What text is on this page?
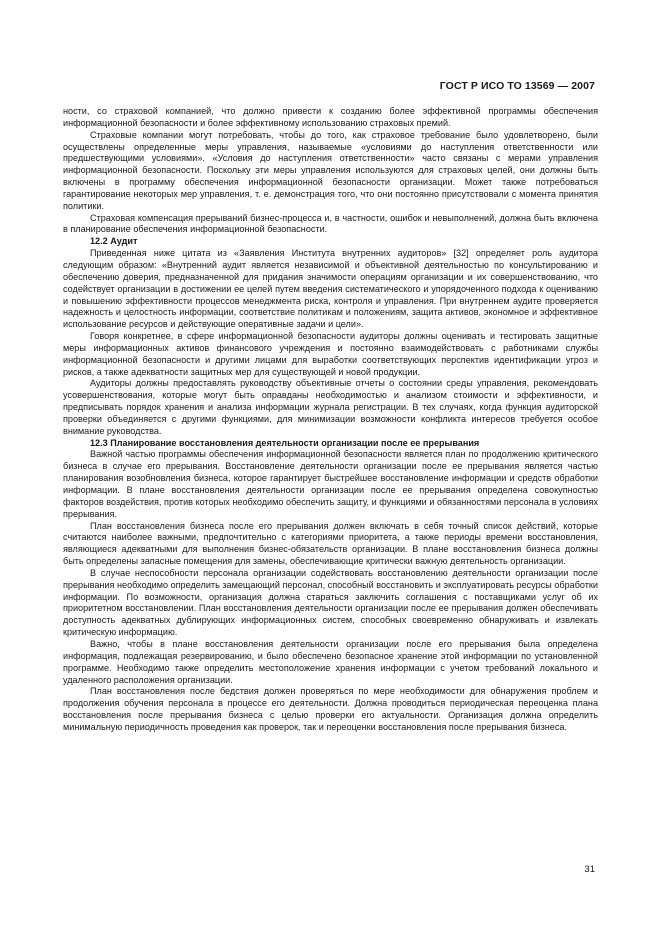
ГОСТ Р ИСО ТО 13569 — 2007

ности, со страховой компанией, что должно привести к созданию более эффективной программы обеспечения информационной безопасности и более эффективному использованию страховых премий.

Страховые компании могут потребовать, чтобы до того, как страховое требование было удовлетворено, были осуществлены определенные меры управления, называемые «условиями до наступления ответственности или предшествующими условиями». «Условия до наступления ответственности» часто связаны с мерами управления информационной безопасности. Поскольку эти меры управления используются для страховых целей, они должны быть включены в программу обеспечения информационной безопасности организации. Может также потребоваться гарантирование некоторых мер управления, т. е. демонстрация того, что они постоянно присутствовали с момента принятия политики.

Страховая компенсация прерываний бизнес-процесса и, в частности, ошибок и невыполнений, должна быть включена в планирование обеспечения информационной безопасности.

12.2 Аудит

Приведенная ниже цитата из «Заявления Института внутренних аудиторов» [32] определяет роль аудитора следующим образом: «Внутренний аудит является независимой и объективной деятельностью по консультированию и обеспечению доверия, предназначенной для придания значимости операциям организации и их совершенствованию, что содействует организации в достижении ее целей путем введения систематического и упорядоченного подхода к оцениванию и повышению эффективности процессов менеджмента риска, контроля и управления. При внутреннем аудите проверяется надежность и целостность информации, соответствие политикам и положениям, защита активов, экономное и эффективное использование ресурсов и действующие оперативные задачи и цели».

Говоря конкретнее, в сфере информационной безопасности аудиторы должны оценивать и тестировать защитные меры информационных активов финансового учреждения и постоянно взаимодействовать с работниками службы информационной безопасности и другими лицами для выработки соответствующих перспектив идентификации угроз и рисков, а также адекватности защитных мер для существующей и новой продукции.

Аудиторы должны предоставлять руководству объективные отчеты о состоянии среды управления, рекомендовать усовершенствования, которые могут быть оправданы необходимостью и анализом стоимости и эффективности, и предписывать порядок хранения и анализа информации журнала регистрации. В тех случаях, когда функция аудиторской проверки объединяется с другими функциями, для минимизации возможности конфликта интересов требуется особое внимание руководства.

12.3 Планирование восстановления деятельности организации после ее прерывания

Важной частью программы обеспечения информационной безопасности является план по продолжению критического бизнеса в случае его прерывания. Восстановление деятельности организации после ее прерывания является частью планирования возобновления бизнеса, которое гарантирует быстрейшее восстановление информации и средств обработки информации. В плане восстановления деятельности организации после ее прерывания определена совокупностью факторов воздействия, против которых необходимо обеспечить защиту, и функциями и обязанностями персонала в условиях прерывания.

План восстановления бизнеса после его прерывания должен включать в себя точный список действий, которые считаются наиболее важными, предпочтительно с категориями приоритета, а также периоды времени восстановления, являющиеся адекватными для выполнения бизнес-обязательств организации. В плане восстановления бизнеса должны быть определены запасные помещения для замены, обеспечивающие критически важную деятельность организации.

В случае неспособности персонала организации содействовать восстановлению деятельности организации после прерывания необходимо определить замещающий персонал, способный восстановить и эксплуатировать ресурсы обработки информации. По возможности, организация должна стараться заключить соглашения с поставщиками услуг об их приоритетном восстановлении. План восстановления деятельности организации после ее прерывания должен обеспечивать доступность адекватных дублирующих информационных систем, способных своевременно обнаруживать и извлекать критическую информацию.

Важно, чтобы в плане восстановления деятельности организации после его прерывания была определена информация, подлежащая резервированию, и было обеспечено безопасное хранение этой информации по установленной программе. Необходимо также определить местоположение хранения информации с учетом требований локального и удаленного расположения организации.

План восстановления после бедствия должен проверяться по мере необходимости для обнаружения проблем и продолжения обучения персонала в процессе его деятельности. Должна проводиться периодическая переоценка плана восстановления после прерывания бизнеса с целью проверки его актуальности. Организация должна определить минимальную периодичность проведения как проверок, так и переоценки восстановления после прерывания бизнеса.

31
